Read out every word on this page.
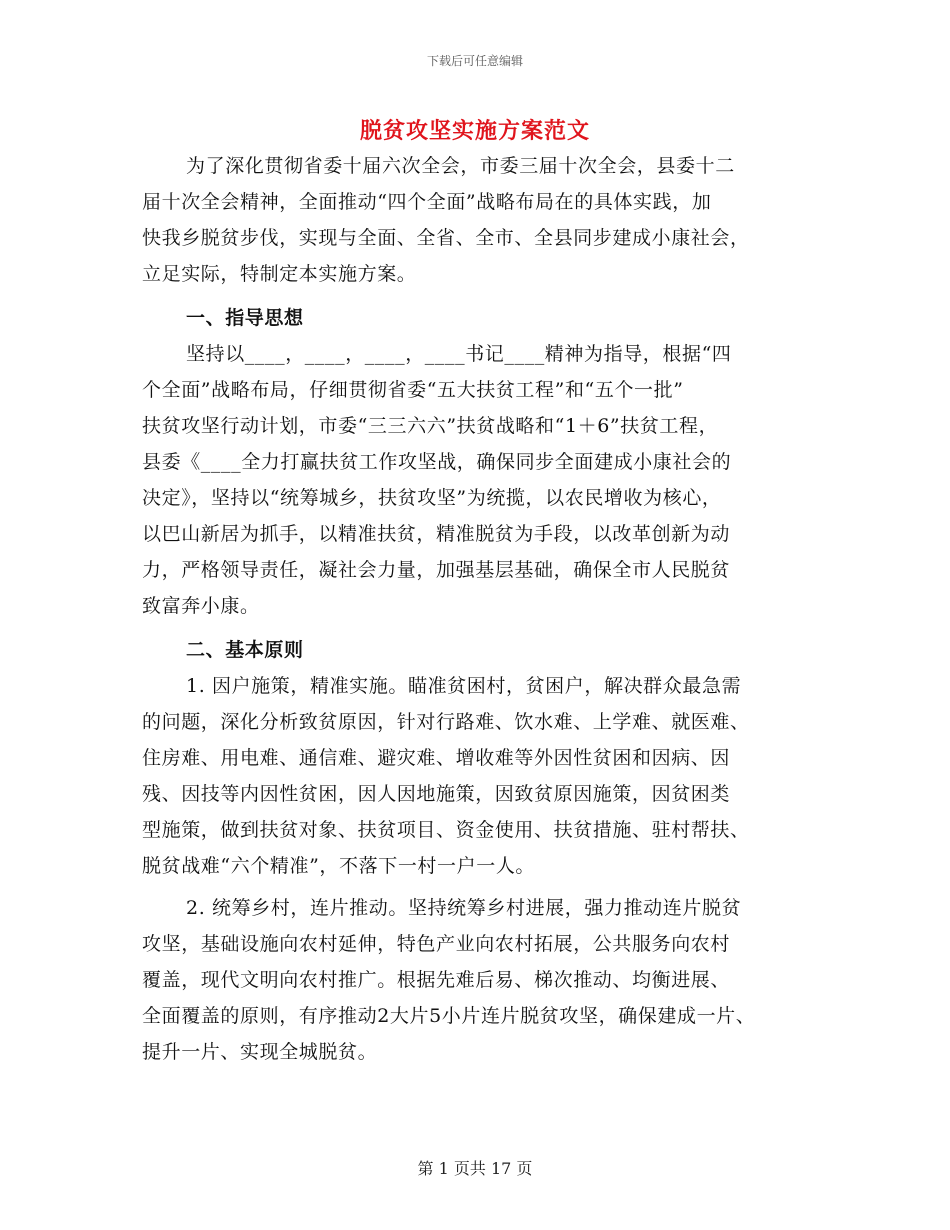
下载后可任意编辑
脱贫攻坚实施方案范文
为了深化贯彻省委十届六次全会，市委三届十次全会，县委十二
届十次全会精神，全面推动“四个全面”战略布局在的具体实践，加
快我乡脱贫步伐，实现与全面、全省、全市、全县同步建成小康社会，
立足实际，特制定本实施方案。
一、指导思想
坚持以____，____，____，____书记____精神为指导，根据“四
个全面”战略布局，仔细贯彻省委“五大扶贫工程”和“五个一批”
扶贫攻坚行动计划，市委“三三六六”扶贫战略和“1＋6”扶贫工程，
县委《____全力打赢扶贫工作攻坚战，确保同步全面建成小康社会的
决定》，坚持以“统筹城乡，扶贫攻坚”为统揽，以农民增收为核心，
以巴山新居为抓手，以精准扶贫，精准脱贫为手段，以改革创新为动
力，严格领导责任，凝社会力量，加强基层基础，确保全市人民脱贫
致富奔小康。
二、基本原则
1. 因户施策，精准实施。瞄准贫困村，贫困户，解决群众最急需
的问题，深化分析致贫原因，针对行路难、饮水难、上学难、就医难、
住房难、用电难、通信难、避灾难、增收难等外因性贫困和因病、因
残、因技等内因性贫困，因人因地施策，因致贫原因施策，因贫困类
型施策，做到扶贫对象、扶贫项目、资金使用、扶贫措施、驻村帮扶、
脱贫战难“六个精准”，不落下一村一户一人。
2. 统筹乡村，连片推动。坚持统筹乡村进展，强力推动连片脱贫
攻坚，基础设施向农村延伸，特色产业向农村拓展，公共服务向农村
覆盖，现代文明向农村推广。根据先难后易、梯次推动、均衡进展、
全面覆盖的原则，有序推动2大片5小片连片脱贫攻坚，确保建成一片、
提升一片、实现全城脱贫。
第 1 页共 17 页
